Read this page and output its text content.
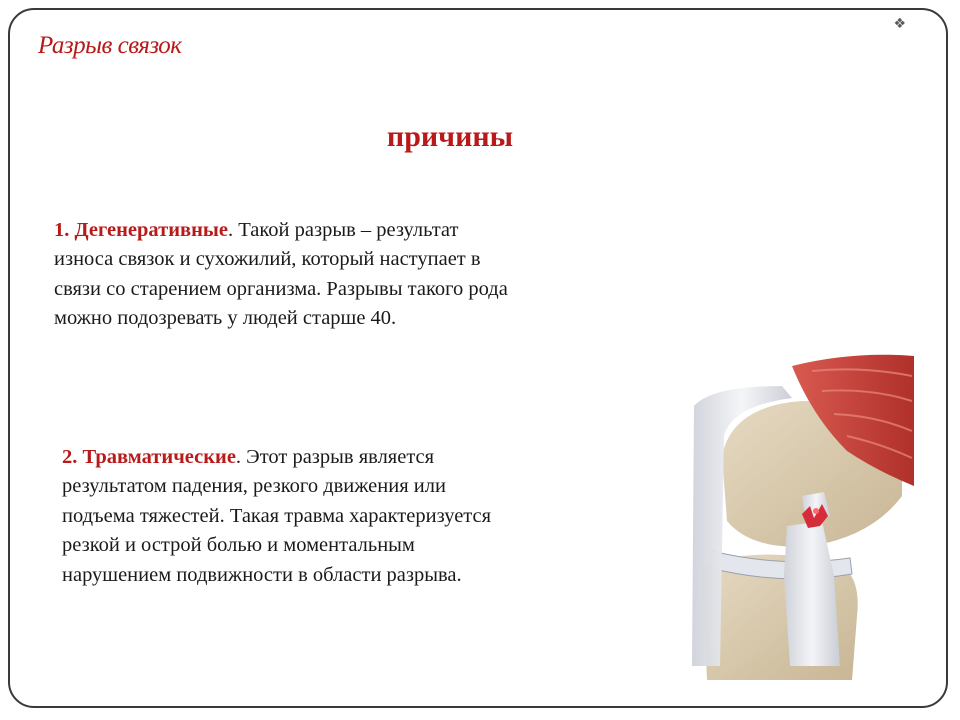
❖
Разрыв связок
причины

1. Дегенеративные. Такой разрыв – результат износа связок и сухожилий, который наступает в связи со старением организма. Разрывы такого рода можно подозревать у людей старше 40.

2. Травматические. Этот разрыв является результатом падения, резкого движения или подъема тяжестей. Такая травма характеризуется резкой и острой болью и моментальным нарушением подвижности в области разрыва.
